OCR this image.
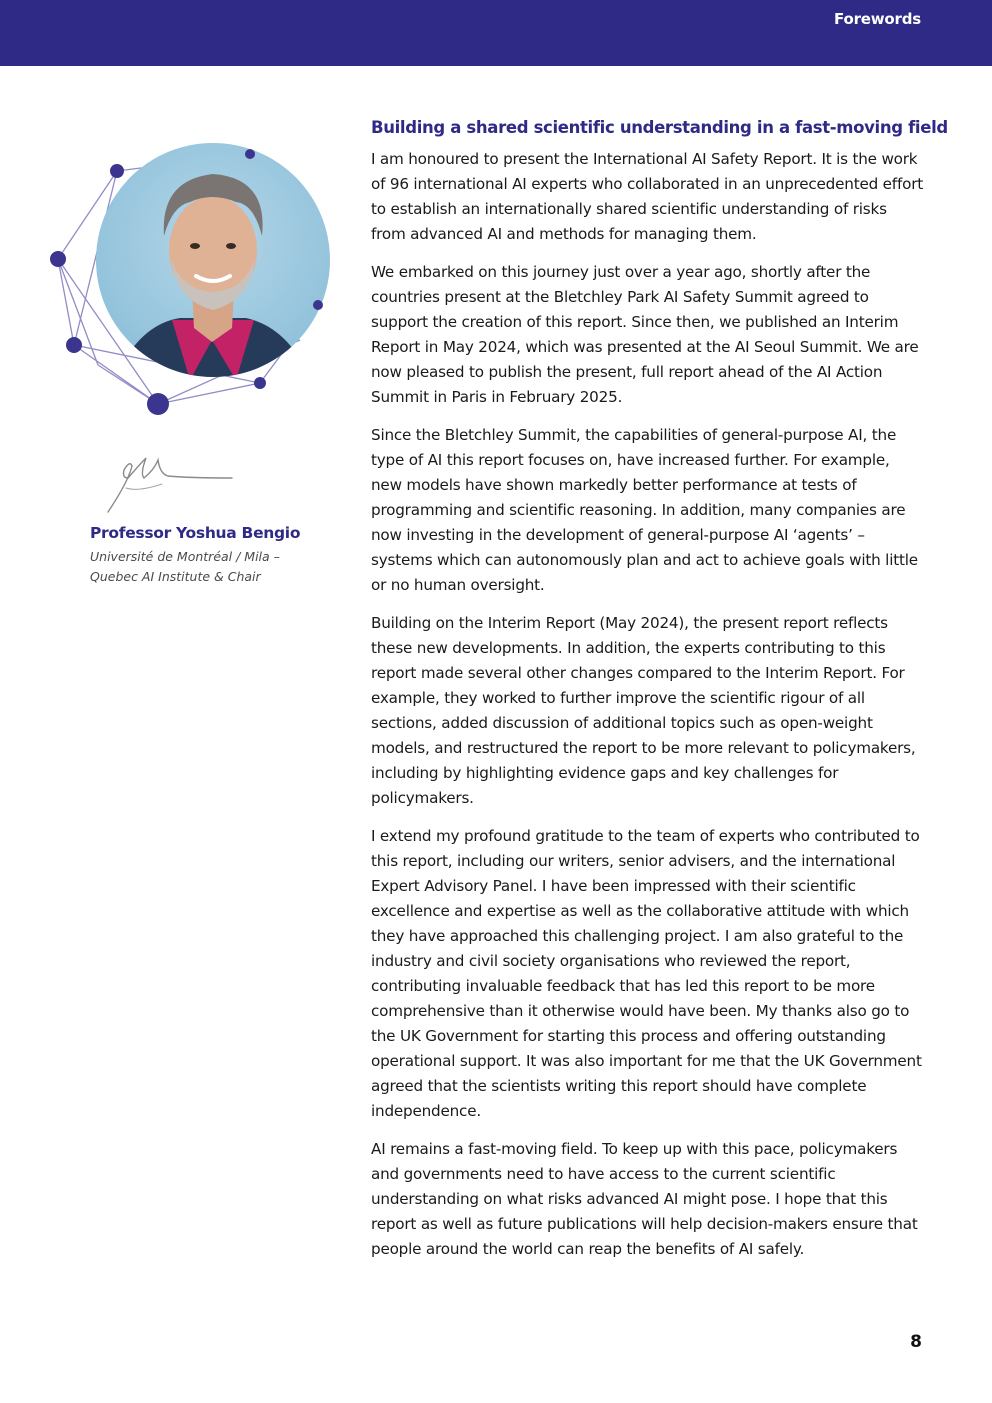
Forewords
Professor Yoshua Bengio
Université de Montréal / Mila – Quebec AI Institute & Chair
Building a shared scientific understanding in a fast-moving field

I am honoured to present the International AI Safety Report. It is the work of 96 international AI experts who collaborated in an unprecedented effort to establish an internationally shared scientific understanding of risks from advanced AI and methods for managing them.

We embarked on this journey just over a year ago, shortly after the countries present at the Bletchley Park AI Safety Summit agreed to support the creation of this report. Since then, we published an Interim Report in May 2024, which was presented at the AI Seoul Summit. We are now pleased to publish the present, full report ahead of the AI Action Summit in Paris in February 2025.

Since the Bletchley Summit, the capabilities of general-purpose AI, the type of AI this report focuses on, have increased further. For example, new models have shown markedly better performance at tests of programming and scientific reasoning. In addition, many companies are now investing in the development of general-purpose AI ‘agents’ – systems which can autonomously plan and act to achieve goals with little or no human oversight.

Building on the Interim Report (May 2024), the present report reflects these new developments. In addition, the experts contributing to this report made several other changes compared to the Interim Report. For example, they worked to further improve the scientific rigour of all sections, added discussion of additional topics such as open-weight models, and restructured the report to be more relevant to policymakers, including by highlighting evidence gaps and key challenges for policymakers.

I extend my profound gratitude to the team of experts who contributed to this report, including our writers, senior advisers, and the international Expert Advisory Panel. I have been impressed with their scientific excellence and expertise as well as the collaborative attitude with which they have approached this challenging project. I am also grateful to the industry and civil society organisations who reviewed the report, contributing invaluable feedback that has led this report to be more comprehensive than it otherwise would have been. My thanks also go to the UK Government for starting this process and offering outstanding operational support. It was also important for me that the UK Government agreed that the scientists writing this report should have complete independence.

AI remains a fast-moving field. To keep up with this pace, policymakers and governments need to have access to the current scientific understanding on what risks advanced AI might pose. I hope that this report as well as future publications will help decision-makers ensure that people around the world can reap the benefits of AI safely.

8
